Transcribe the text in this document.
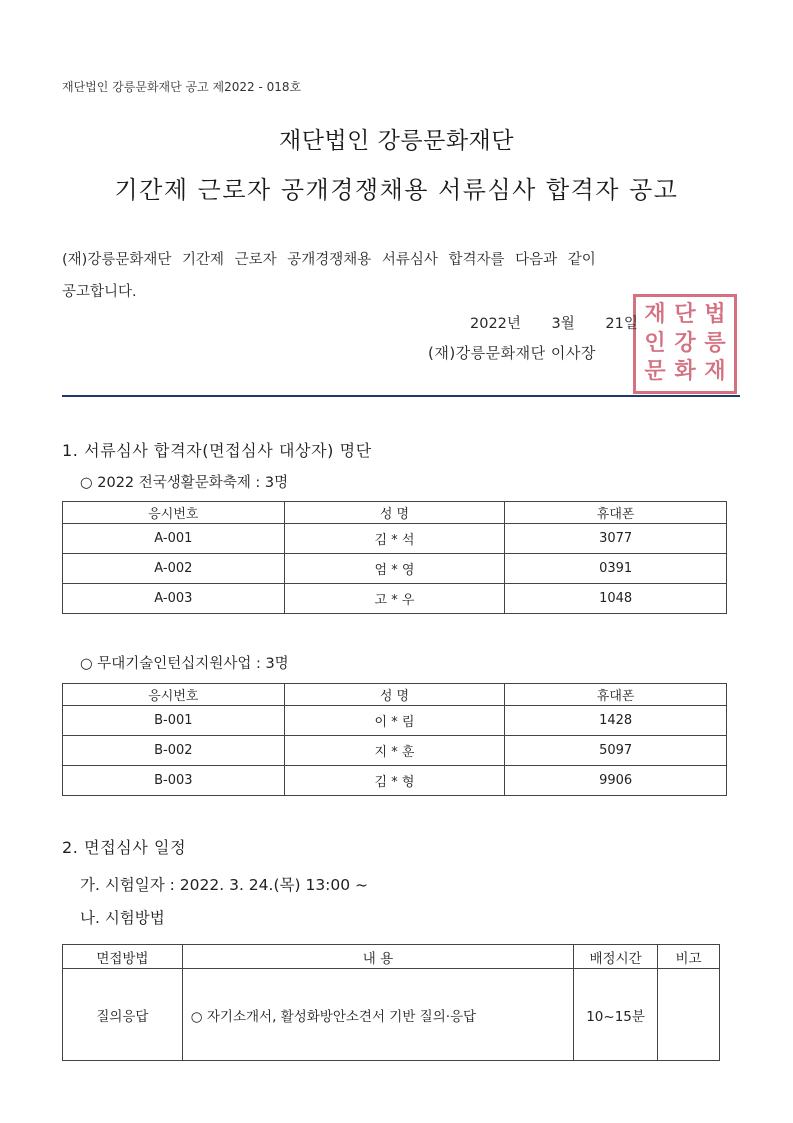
재단법인 강릉문화재단 공고 제2022 - 018호
재단법인 강릉문화재단
기간제 근로자 공개경쟁채용 서류심사 합격자 공고
(재)강릉문화재단 기간제 근로자 공개경쟁채용 서류심사 합격자를 다음과 같이
공고합니다.
재 단 법
인 강 릉
문 화 재
2022년 3월 21일
(재)강릉문화재단 이사장
1. 서류심사 합격자(면접심사 대상자) 명단
○ 2022 전국생활문화축제 : 3명
응시번호	성 명	휴대폰
A-001	김 * 석	3077
A-002	엄 * 영	0391
A-003	고 * 우	1048
○ 무대기술인턴십지원사업 : 3명
응시번호	성 명	휴대폰
B-001	이 * 림	1428
B-002	지 * 훈	5097
B-003	김 * 형	9906
2. 면접심사 일정
가. 시험일자 : 2022. 3. 24.(목) 13:00 ~
나. 시험방법
면접방법	내 용	배정시간	비고
질의응답	○ 자기소개서, 활성화방안소견서 기반 질의·응답	10~15분	
